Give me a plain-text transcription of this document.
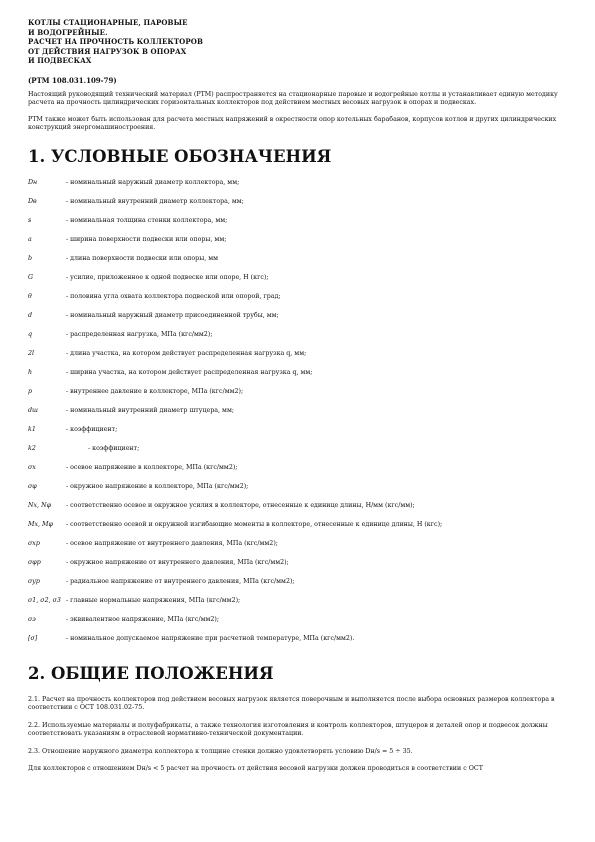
КОТЛЫ СТАЦИОНАРНЫЕ, ПАРОВЫЕ
И ВОДОГРЕЙНЫЕ.
РАСЧЕТ НА ПРОЧНОСТЬ КОЛЛЕКТОРОВ
ОТ ДЕЙСТВИЯ НАГРУЗОК В ОПОРАХ
И ПОДВЕСКАХ
(РТМ 108.031.109-79)
Настоящий руководящий технический материал (РТМ) распространяется на стационарные паровые и водогрейные котлы и устанавливает единую методику расчета на прочность цилиндрических горизонтальных коллекторов под действием местных весовых нагрузок в опорах и подвесках.
РТМ также может быть использован для расчета местных напряжений в окрестности опор котельных барабанов, корпусов котлов и других цилиндрических конструкций энергомашиностроения.
1. УСЛОВНЫЕ ОБОЗНАЧЕНИЯ
Dн	- номинальный наружный диаметр коллектора, мм;
Dв	- номинальный внутренний диаметр коллектора, мм;
s	- номинальная толщина стенки коллектора, мм;
a	- ширина поверхности подвески или опоры, мм;
b	- длина поверхности подвески или опоры, мм
G	- усилие, приложенное к одной подвеске или опоре, Н (кгс);
θ	- половина угла охвата коллектора подвеской или опорой, град;
d	- номинальный наружный диаметр присоединенной трубы, мм;
q	- распределенная нагрузка, МПа (кгс/мм2);
2l	- длина участка, на котором действует распределенная нагрузка q, мм;
h	- ширина участка, на котором действует распределенная нагрузка q, мм;
p	- внутреннее давление в коллекторе, МПа (кгс/мм2);
dш	- номинальный внутренний диаметр штуцера, мм;
k1	- коэффициент;
k2	- коэффициент;
σx	- осевое напряжение в коллекторе, МПа (кгс/мм2);
σφ	- окружное напряжение в коллекторе, МПа (кгс/мм2);
Nx, Nφ	- соответственно осевое и окружное усилия в коллекторе, отнесенные к единице длины, Н/мм (кгс/мм);
Mx, Mφ	- соответственно осевой и окружной изгибающие моменты в коллекторе, отнесенные к единице длины, Н (кгс);
σxp	- осевое напряжение от внутреннего давления, МПа (кгс/мм2);
σφp	- окружное напряжение от внутреннего давления, МПа (кгс/мм2);
σyp	- радиальное напряжение от внутреннего давления, МПа (кгс/мм2);
σ1, σ2, σ3 - главные нормальные напряжения, МПа (кгс/мм2);
σэ	- эквивалентное напряжение, МПа (кгс/мм2);
[σ]	- номинальное допускаемое напряжение при расчетной температуре, МПа (кгс/мм2).
2. ОБЩИЕ ПОЛОЖЕНИЯ
2.1. Расчет на прочность коллекторов под действием весовых нагрузок является поверочным и выполняется после выбора основных размеров коллектора в соответствии с ОСТ 108.031.02-75.
2.2. Используемые материалы и полуфабрикаты, а также технология изготовления и контроль коллекторов, штуцеров и деталей опор и подвесок должны соответствовать указаниям в отраслевой нормативно-технической документации.
2.3. Отношение наружного диаметра коллектора к толщине стенки должно удовлетворять условию Dн/s = 5 ÷ 35.
Для коллекторов с отношением Dн/s < 5 расчет на прочность от действия весовой нагрузки должен проводиться в соответствии с ОСТ
